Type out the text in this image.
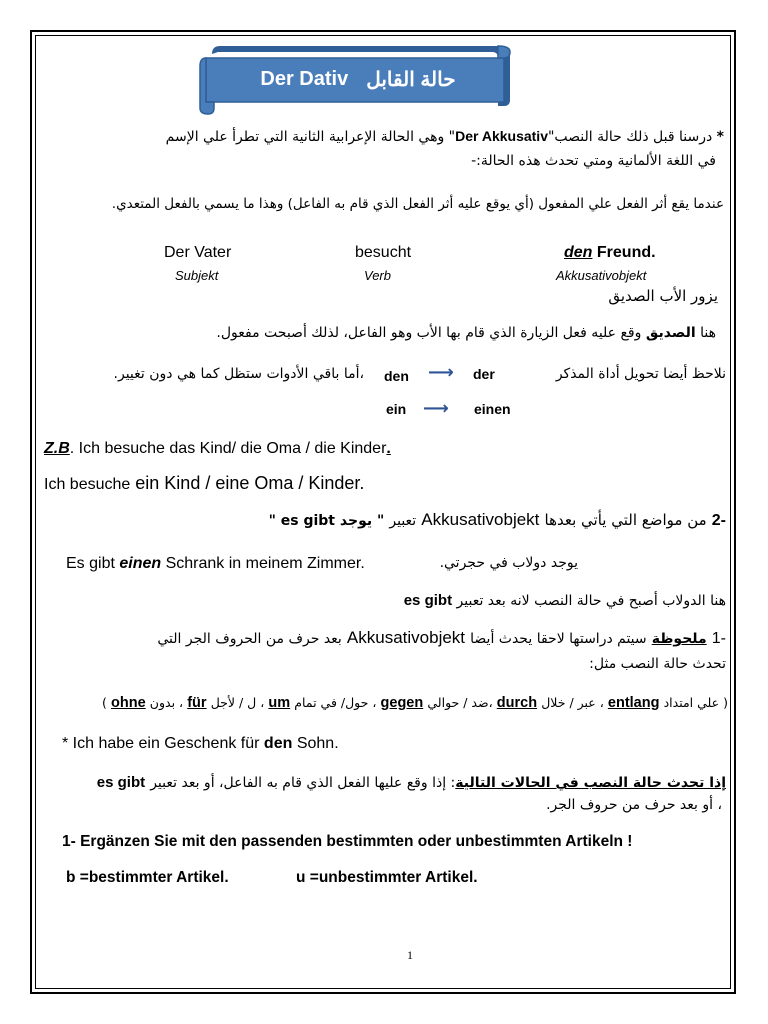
Der Dativ حالة القابل
* درسنا قبل ذلك حالة النصب"Der Akkusativ" وهي الحالة الإعرابية الثانية التي تطرأ علي الإسم
في اللغة الألمانية ومتي تحدث هذه الحالة:-
عندما يقع أثر الفعل علي المفعول (أي يوقع عليه أثر الفعل الذي قام به الفاعل) وهذا ما يسمي بالفعل المتعدي.
Der Vater
Subjekt
besucht
Verb
den Freund.
Akkusativobjekt
يزور الأب الصديق
هنا الصديق وقع عليه فعل الزيارة الذي قام بها الأب وهو الفاعل، لذلك أصبحت مفعول.
نلاحظ أيضا تحويل أداة المذكر
der
⟶
den
،أما باقي الأدوات ستظل كما هي دون تغيير.
ein ⟶ einen
Z.B. Ich besuche das Kind/ die Oma / die Kinder.
Ich besuche ein Kind / eine Oma / Kinder.
-2 من مواضع التي يأتي بعدها Akkusativobjekt تعبير " يوجد es gibt "
Es gibt einen Schrank in meinem Zimmer.	يوجد دولاب في حجرتي.
هنا الدولاب أصبح في حالة النصب لانه بعد تعبير es gibt
-1 ملحوظة سيتم دراستها لاحقا يحدث أيضا Akkusativobjekt بعد حرف من الحروف الجر التي
تحدث حالة النصب مثل:
( علي امتداد entlang ، عبر / خلال durch ،ضد / حوالي gegen ، حول/ في تمام um ، ل / لأجل für ، بدون ohne )
* Ich habe ein Geschenk für den Sohn.
إذا تحدث حالة النصب في الحالات التالية: إذا وقع عليها الفعل الذي قام به الفاعل، أو بعد تعبير es gibt
، أو بعد حرف من حروف الجر.
1- Ergänzen Sie mit den passenden bestimmten oder unbestimmten Artikeln !
b =bestimmter Artikel.	u =unbestimmter Artikel.
1
